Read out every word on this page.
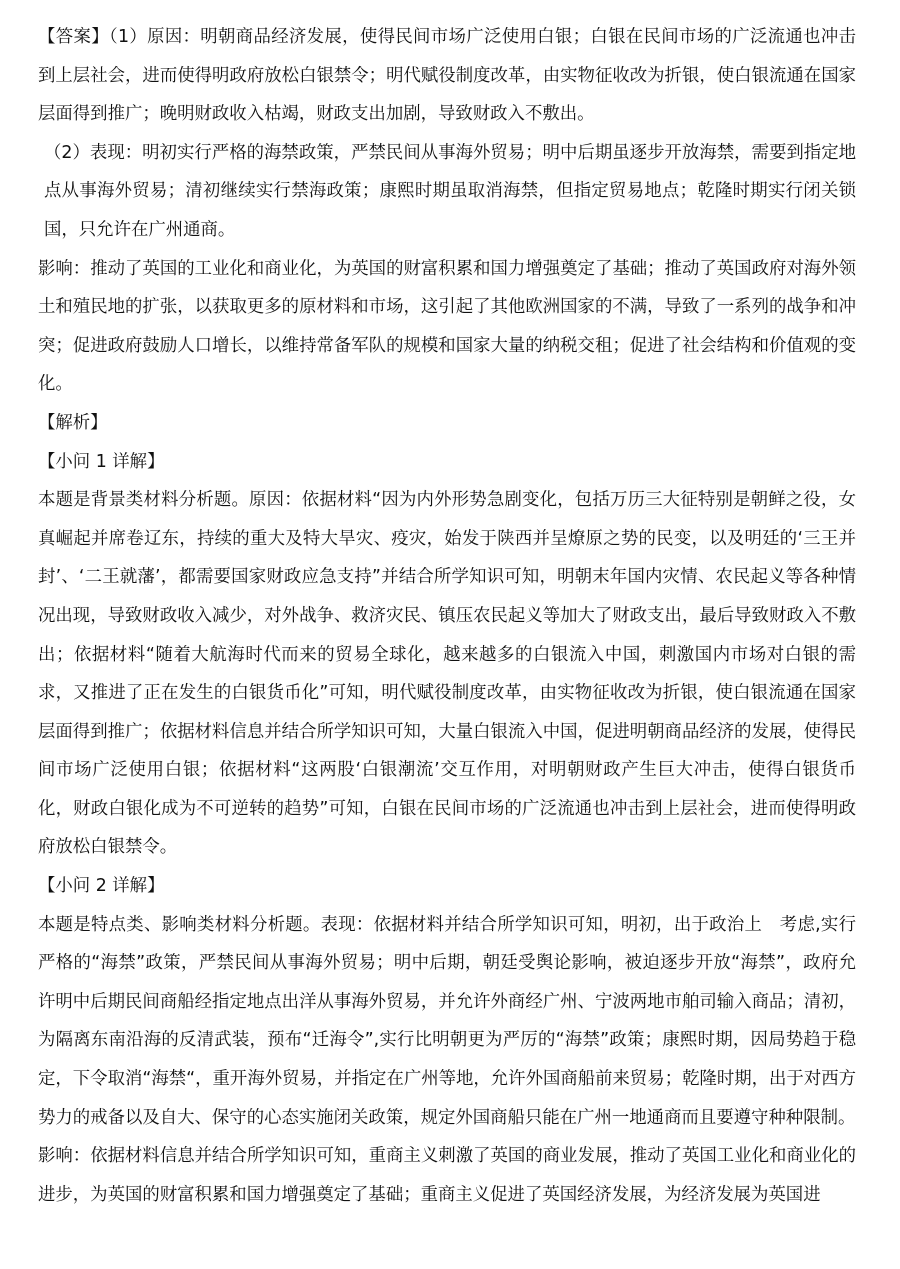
【答案】（1）原因：明朝商品经济发展，使得民间市场广泛使用白银；白银在民间市场的广泛流通也冲击到上层社会，进而使得明政府放松白银禁令；明代赋役制度改革，由实物征收改为折银，使白银流通在国家层面得到推广；晚明财政收入枯竭，财政支出加剧，导致财政入不敷出。

（2）表现：明初实行严格的海禁政策，严禁民间从事海外贸易；明中后期虽逐步开放海禁，需要到指定地点从事海外贸易；清初继续实行禁海政策；康熙时期虽取消海禁，但指定贸易地点；乾隆时期实行闭关锁国，只允许在广州通商。

影响：推动了英国的工业化和商业化，为英国的财富积累和国力增强奠定了基础；推动了英国政府对海外领土和殖民地的扩张，以获取更多的原材料和市场，这引起了其他欧洲国家的不满，导致了一系列的战争和冲突；促进政府鼓励人口增长，以维持常备军队的规模和国家大量的纳税交租；促进了社会结构和价值观的变化。

【解析】

【小问 1 详解】

本题是背景类材料分析题。原因：依据材料“因为内外形势急剧变化，包括万历三大征特别是朝鲜之役，女真崛起并席卷辽东，持续的重大及特大旱灾、疫灾，始发于陕西并呈燎原之势的民变，以及明廷的‘三王并封’、‘二王就藩’，都需要国家财政应急支持”并结合所学知识可知，明朝末年国内灾情、农民起义等各种情况出现，导致财政收入减少，对外战争、救济灾民、镇压农民起义等加大了财政支出，最后导致财政入不敷出；依据材料“随着大航海时代而来的贸易全球化，越来越多的白银流入中国，刺激国内市场对白银的需求，又推进了正在发生的白银货币化”可知，明代赋役制度改革，由实物征收改为折银，使白银流通在国家层面得到推广；依据材料信息并结合所学知识可知，大量白银流入中国，促进明朝商品经济的发展，使得民间市场广泛使用白银；依据材料“这两股‘白银潮流’交互作用，对明朝财政产生巨大冲击，使得白银货币化，财政白银化成为不可逆转的趋势”可知，白银在民间市场的广泛流通也冲击到上层社会，进而使得明政府放松白银禁令。

【小问 2 详解】

本题是特点类、影响类材料分析题。表现：依据材料并结合所学知识可知，明初，出于政治上　考虑,实行严格的“海禁”政策，严禁民间从事海外贸易；明中后期，朝廷受舆论影响，被迫逐步开放“海禁”，政府允许明中后期民间商船经指定地点出洋从事海外贸易，并允许外商经广州、宁波两地市舶司输入商品；清初，为隔离东南沿海的反清武装，预布“迁海令”,实行比明朝更为严厉的“海禁”政策；康熙时期，因局势趋于稳定，下令取消“海禁“，重开海外贸易，并指定在广州等地，允许外国商船前来贸易；乾隆时期，出于对西方势力的戒备以及自大、保守的心态实施闭关政策，规定外国商船只能在广州一地通商而且要遵守种种限制。

影响：依据材料信息并结合所学知识可知，重商主义刺激了英国的商业发展，推动了英国工业化和商业化的进步，为英国的财富积累和国力增强奠定了基础；重商主义促进了英国经济发展，为经济发展为英国进
